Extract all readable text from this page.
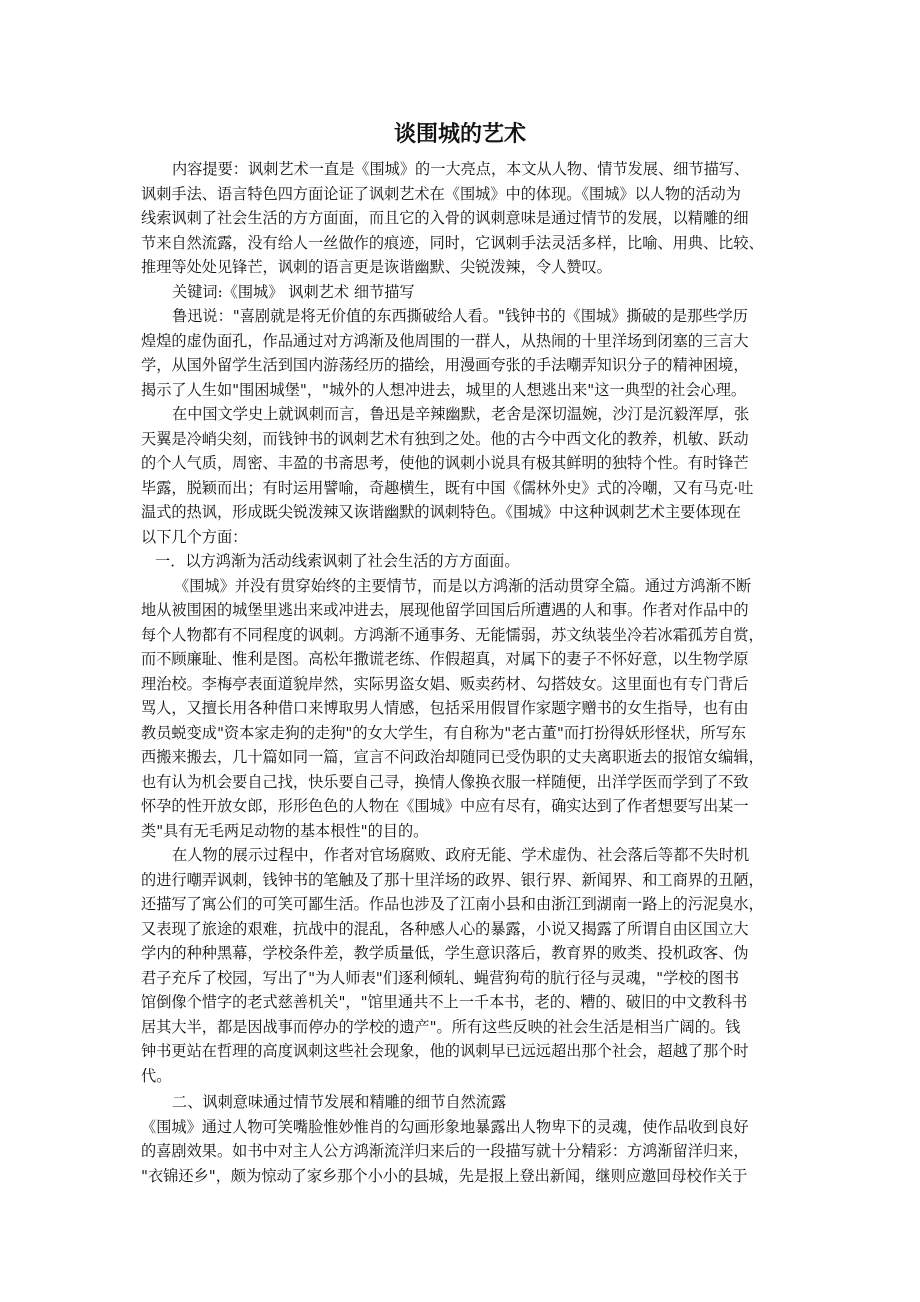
谈围城的艺术
内容提要：讽刺艺术一直是《围城》的一大亮点，本文从人物、情节发展、细节描写、
讽刺手法、语言特色四方面论证了讽刺艺术在《围城》中的体现。《围城》以人物的活动为
线索讽刺了社会生活的方方面面，而且它的入骨的讽刺意味是通过情节的发展，以精雕的细
节来自然流露，没有给人一丝做作的痕迹，同时，它讽刺手法灵活多样，比喻、用典、比较、
推理等处处见锋芒，讽刺的语言更是诙谐幽默、尖锐泼辣，令人赞叹。
关键词:《围城》 讽刺艺术 细节描写
鲁迅说："喜剧就是将无价值的东西撕破给人看。"钱钟书的《围城》撕破的是那些学历
煌煌的虚伪面孔，作品通过对方鸿渐及他周围的一群人，从热闹的十里洋场到闭塞的三言大
学，从国外留学生活到国内游荡经历的描绘，用漫画夸张的手法嘲弄知识分子的精神困境，
揭示了人生如"围困城堡"，"城外的人想冲进去，城里的人想逃出来"这一典型的社会心理。
在中国文学史上就讽刺而言，鲁迅是辛辣幽默，老舍是深切温婉，沙汀是沉毅浑厚，张
天翼是冷峭尖刻，而钱钟书的讽刺艺术有独到之处。他的古今中西文化的教养，机敏、跃动
的个人气质，周密、丰盈的书斋思考，使他的讽刺小说具有极其鲜明的独特个性。有时锋芒
毕露，脱颖而出；有时运用譬喻，奇趣横生，既有中国《儒林外史》式的冷嘲，又有马克·吐
温式的热讽，形成既尖锐泼辣又诙谐幽默的讽刺特色。《围城》中这种讽刺艺术主要体现在
以下几个方面：
一．以方鸿渐为活动线索讽刺了社会生活的方方面面。
《围城》并没有贯穿始终的主要情节，而是以方鸿渐的活动贯穿全篇。通过方鸿渐不断
地从被围困的城堡里逃出来或冲进去，展现他留学回国后所遭遇的人和事。作者对作品中的
每个人物都有不同程度的讽刺。方鸿渐不通事务、无能懦弱，苏文纨装坐冷若冰霜孤芳自赏，
而不顾廉耻、惟利是图。高松年撒谎老练、作假超真，对属下的妻子不怀好意，以生物学原
理治校。李梅亭表面道貌岸然，实际男盗女娼、贩卖药材、勾搭妓女。这里面也有专门背后
骂人，又擅长用各种借口来博取男人情感，包括采用假冒作家题字赠书的女生指导，也有由
教员蜕变成"资本家走狗的走狗"的女大学生，有自称为"老古董"而打扮得妖形怪状，所写东
西搬来搬去，几十篇如同一篇，宣言不问政治却随同已受伪职的丈夫离职逝去的报馆女编辑，
也有认为机会要自己找，快乐要自己寻，换情人像换衣服一样随便，出洋学医而学到了不致
怀孕的性开放女郎，形形色色的人物在《围城》中应有尽有，确实达到了作者想要写出某一
类"具有无毛两足动物的基本根性"的目的。
在人物的展示过程中，作者对官场腐败、政府无能、学术虚伪、社会落后等都不失时机
的进行嘲弄讽刺，钱钟书的笔触及了那十里洋场的政界、银行界、新闻界、和工商界的丑陋，
还描写了寓公们的可笑可鄙生活。作品也涉及了江南小县和由浙江到湖南一路上的污泥臭水，
又表现了旅途的艰难，抗战中的混乱，各种感人心的暴露，小说又揭露了所谓自由区国立大
学内的种种黑幕，学校条件差，教学质量低，学生意识落后，教育界的败类、投机政客、伪
君子充斥了校园，写出了"为人师表"们逐利倾轧、蝇营狗苟的肮行径与灵魂，"学校的图书
馆倒像个惜字的老式慈善机关"，"馆里通共不上一千本书，老的、糟的、破旧的中文教科书
居其大半，都是因战事而停办的学校的遗产"。所有这些反映的社会生活是相当广阔的。钱
钟书更站在哲理的高度讽刺这些社会现象，他的讽刺早已远远超出那个社会，超越了那个时
代。
二、讽刺意味通过情节发展和精雕的细节自然流露
《围城》通过人物可笑嘴脸惟妙惟肖的勾画形象地暴露出人物卑下的灵魂，使作品收到良好
的喜剧效果。如书中对主人公方鸿渐流洋归来后的一段描写就十分精彩：方鸿渐留洋归来，
"衣锦还乡"，颇为惊动了家乡那个小小的县城，先是报上登出新闻，继则应邀回母校作关于
